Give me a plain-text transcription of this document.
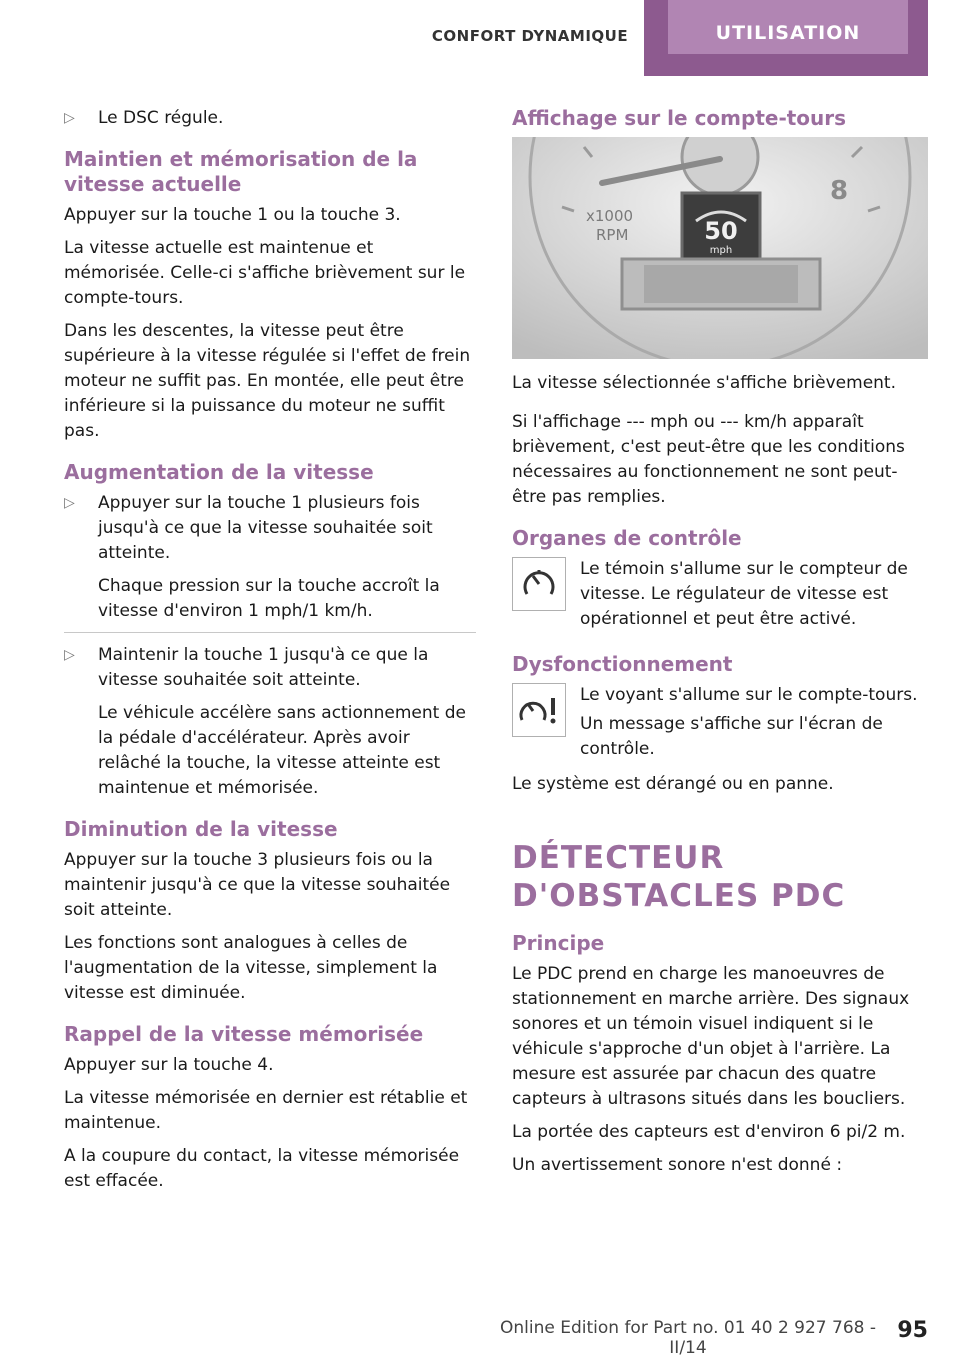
CONFORT DYNAMIQUE	UTILISATION
▷ Le DSC régule.

Maintien et mémorisation de la vitesse actuelle

Appuyer sur la touche 1 ou la touche 3.

La vitesse actuelle est maintenue et mémorisée. Celle-ci s'affiche brièvement sur le compte-tours.

Dans les descentes, la vitesse peut être supérieure à la vitesse régulée si l'effet de frein moteur ne suffit pas. En montée, elle peut être inférieure si la puissance du moteur ne suffit pas.

Augmentation de la vitesse
▷ Appuyer sur la touche 1 plusieurs fois jusqu'à ce que la vitesse souhaitée soit atteinte.

Chaque pression sur la touche accroît la vitesse d'environ 1 mph/1 km/h.

▷ Maintenir la touche 1 jusqu'à ce que la vitesse souhaitée soit atteinte.

Le véhicule accélère sans actionnement de la pédale d'accélérateur. Après avoir relâché la touche, la vitesse atteinte est maintenue et mémorisée.

Diminution de la vitesse

Appuyer sur la touche 3 plusieurs fois ou la maintenir jusqu'à ce que la vitesse souhaitée soit atteinte.

Les fonctions sont analogues à celles de l'augmentation de la vitesse, simplement la vitesse est diminuée.

Rappel de la vitesse mémorisée

Appuyer sur la touche 4.

La vitesse mémorisée en dernier est rétablie et maintenue.

A la coupure du contact, la vitesse mémorisée est effacée.

Affichage sur le compte-tours
8
x1000
RPM	50
mph

La vitesse sélectionnée s'affiche brièvement.

Si l'affichage --- mph ou --- km/h apparaît brièvement, c'est peut-être que les conditions nécessaires au fonctionnement ne sont peut-être pas remplies.

Organes de contrôle

Le témoin s'allume sur le compteur de vitesse. Le régulateur de vitesse est opérationnel et peut être activé.

Dysfonctionnement

Le voyant s'allume sur le compte-tours.

Un message s'affiche sur l'écran de contrôle.

Le système est dérangé ou en panne.

DÉTECTEUR D'OBSTACLES PDC
Principe

Le PDC prend en charge les manoeuvres de stationnement en marche arrière. Des signaux sonores et un témoin visuel indiquent si le véhicule s'approche d'un objet à l'arrière. La mesure est assurée par chacun des quatre capteurs à ultrasons situés dans les boucliers.

La portée des capteurs est d'environ 6 pi/2 m.

Un avertissement sonore n'est donné :

Online Edition for Part no. 01 40 2 927 768 - II/14
95
